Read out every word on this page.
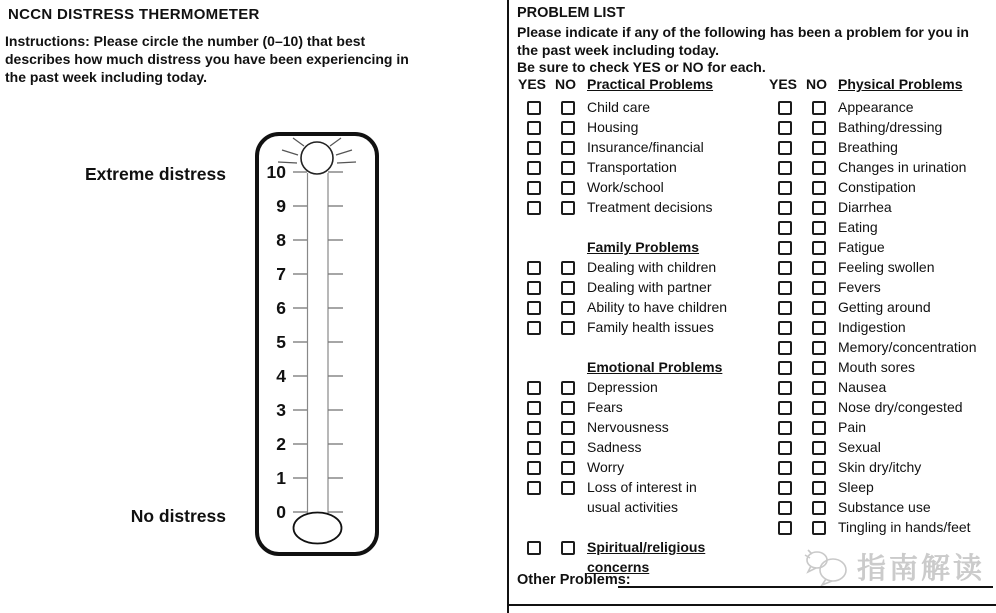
NCCN DISTRESS THERMOMETER
Instructions: Please circle the number (0–10) that best
describes how much distress you have been experiencing in
the past week including today.
Extreme distress
No distress
10
9
8
7
6
5
4
3
2
1
0
PROBLEM LIST
Please indicate if any of the following has been a problem for you in
the past week including today.
Be sure to check YES or NO for each.
YES NO Practical Problems
Child care
Housing
Insurance/financial
Transportation
Work/school
Treatment decisions
Family Problems
Dealing with children
Dealing with partner
Ability to have children
Family health issues
Emotional Problems
Depression
Fears
Nervousness
Sadness
Worry
Loss of interest in
usual activities
Spiritual/religious
concerns
YES NO Physical Problems
Appearance
Bathing/dressing
Breathing
Changes in urination
Constipation
Diarrhea
Eating
Fatigue
Feeling swollen
Fevers
Getting around
Indigestion
Memory/concentration
Mouth sores
Nausea
Nose dry/congested
Pain
Sexual
Skin dry/itchy
Sleep
Substance use
Tingling in hands/feet
指南解读
Other Problems:
